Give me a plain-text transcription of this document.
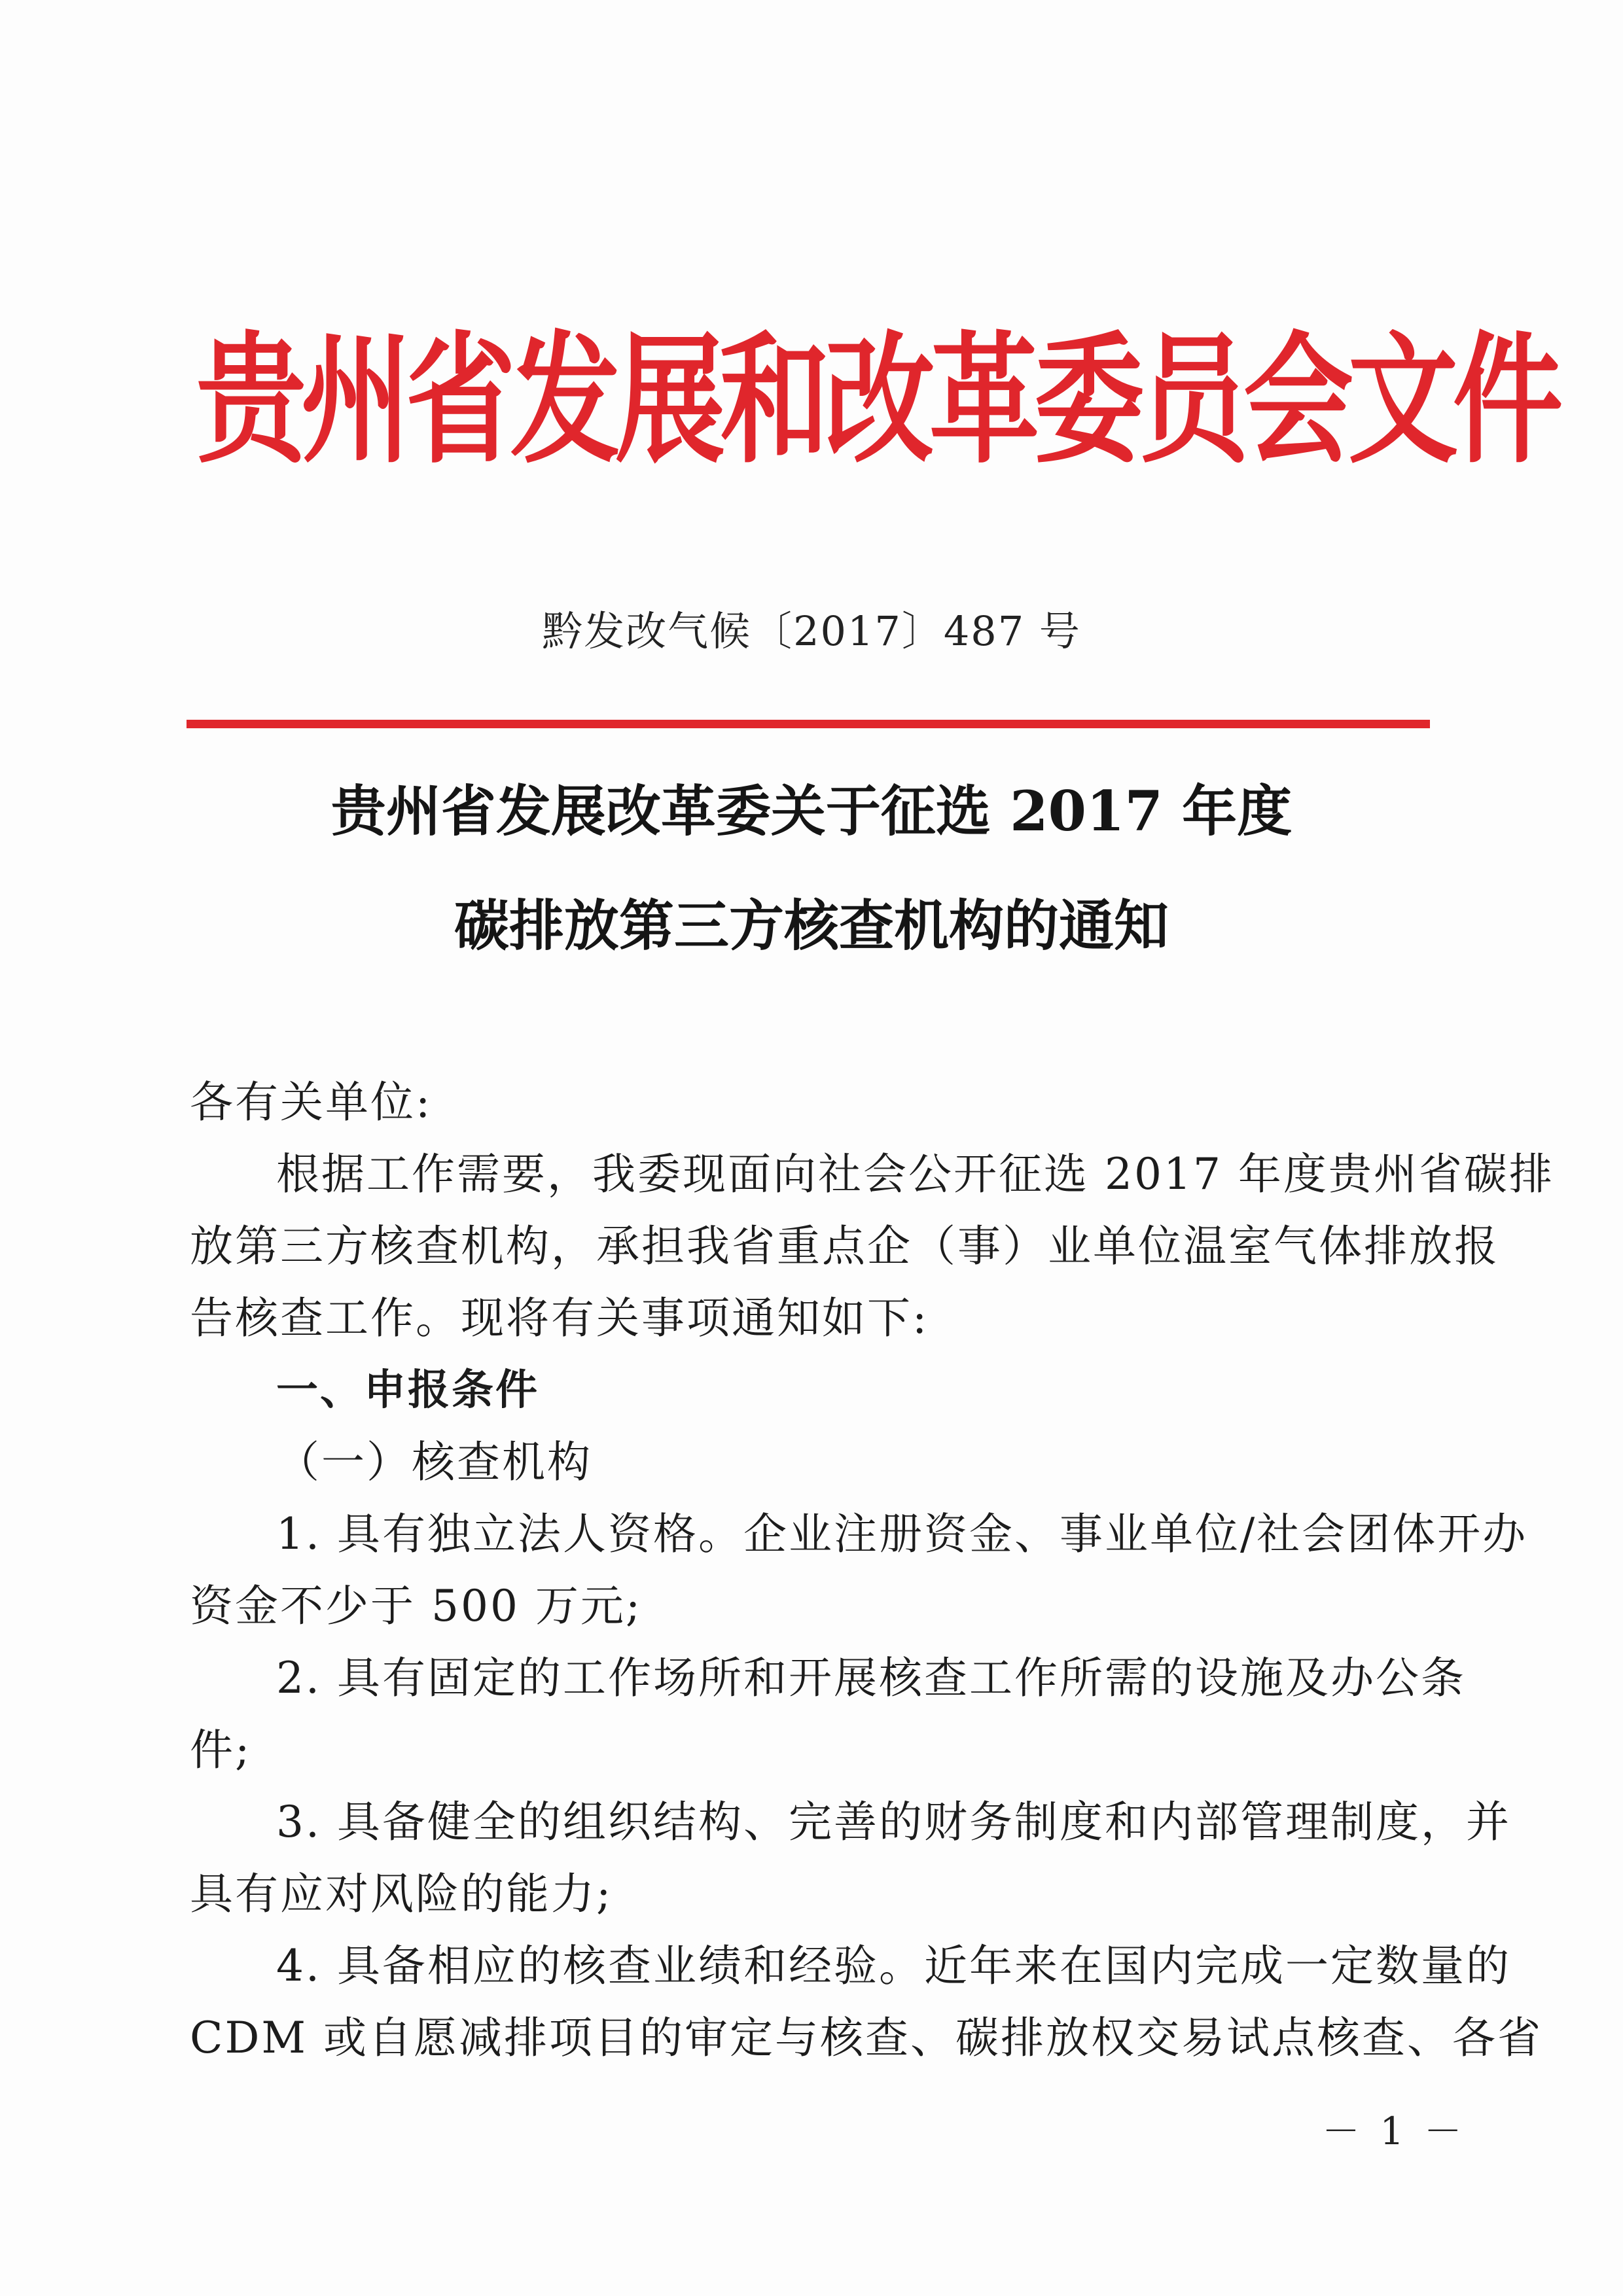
贵州省发展和改革委员会文件
黔发改气候〔2017〕487 号
贵州省发展改革委关于征选 2017 年度
碳排放第三方核查机构的通知
各有关单位:
根据工作需要，我委现面向社会公开征选 2017 年度贵州省碳排
放第三方核查机构，承担我省重点企（事）业单位温室气体排放报
告核查工作。现将有关事项通知如下:
一、申报条件
（一）核查机构
1. 具有独立法人资格。企业注册资金、事业单位/社会团体开办
资金不少于 500 万元;
2. 具有固定的工作场所和开展核查工作所需的设施及办公条
件;
3. 具备健全的组织结构、完善的财务制度和内部管理制度，并
具有应对风险的能力;
4. 具备相应的核查业绩和经验。近年来在国内完成一定数量的
CDM 或自愿减排项目的审定与核查、碳排放权交易试点核查、各省
－ 1 －
